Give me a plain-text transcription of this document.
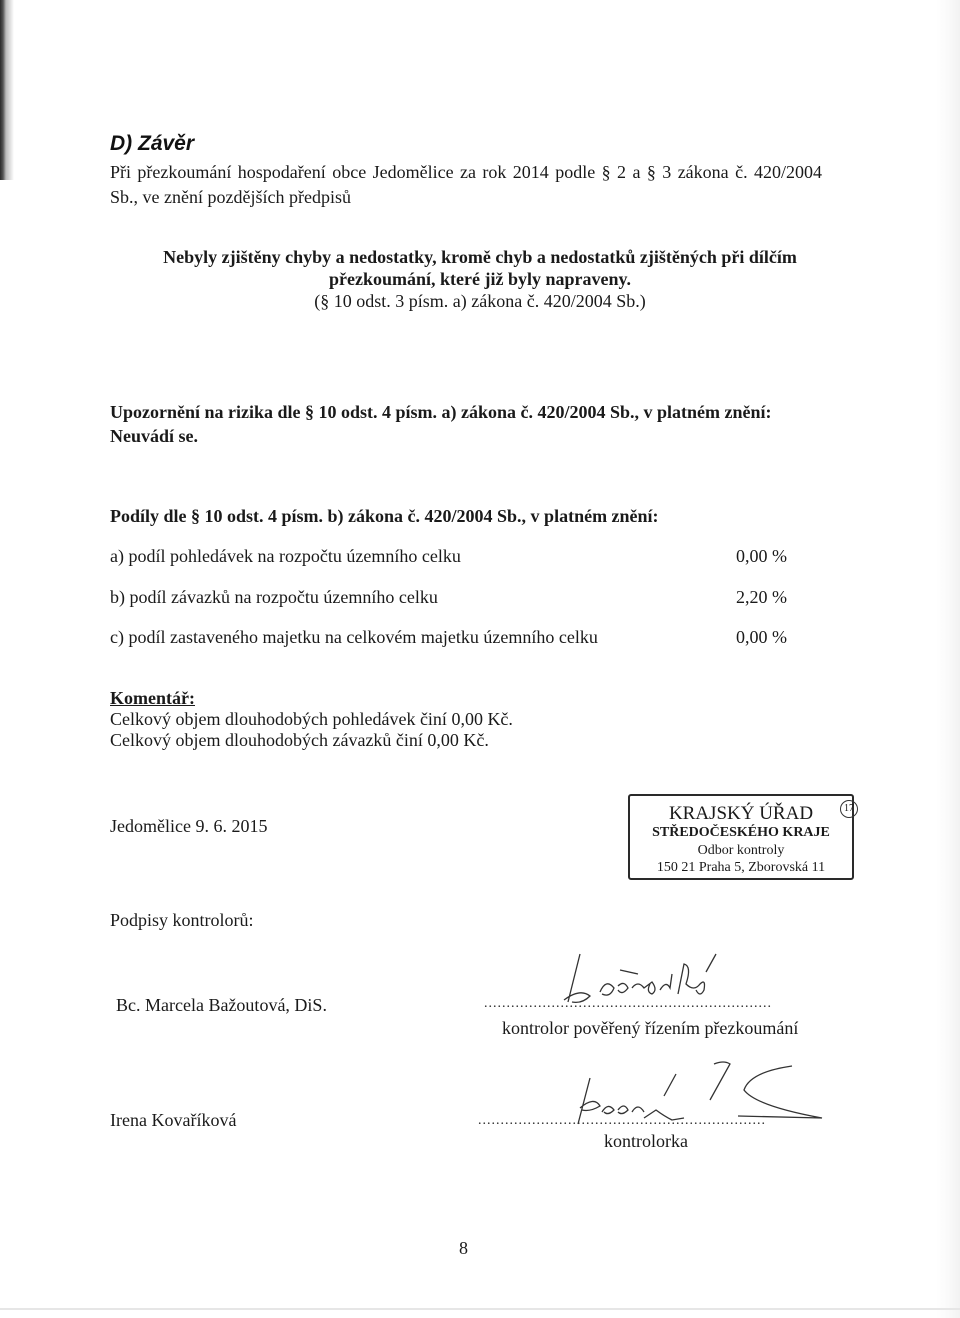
D) Závěr
Při přezkoumání hospodaření obce Jedomělice za rok 2014 podle § 2 a § 3 zákona č. 420/2004 Sb., ve znění pozdějších předpisů
Nebyly zjištěny chyby a nedostatky, kromě chyb a nedostatků zjištěných při dílčím
přezkoumání, které již byly napraveny.
(§ 10 odst. 3 písm. a) zákona č. 420/2004 Sb.)
Upozornění na rizika dle § 10 odst. 4 písm. a) zákona č. 420/2004 Sb., v platném znění:
Neuvádí se.
Podíly dle § 10 odst. 4 písm. b) zákona č. 420/2004 Sb., v platném znění:
a) podíl pohledávek na rozpočtu územního celku	0,00 %
b) podíl závazků na rozpočtu územního celku	2,20 %
c) podíl zastaveného majetku na celkovém majetku územního celku	0,00 %
Komentář:
Celkový objem dlouhodobých pohledávek činí 0,00 Kč.
Celkový objem dlouhodobých závazků činí 0,00 Kč.
Jedomělice 9. 6. 2015
KRAJSKÝ ÚŘAD
STŘEDOČESKÉHO KRAJE
Odbor kontroly
150 21 Praha 5, Zborovská 11
17
Podpisy kontrolorů:
Bc. Marcela Bažoutová, DiS.	................................................................
kontrolor pověřený řízením přezkoumání
Irena Kovaříková	................................................................
kontrolorka
8
